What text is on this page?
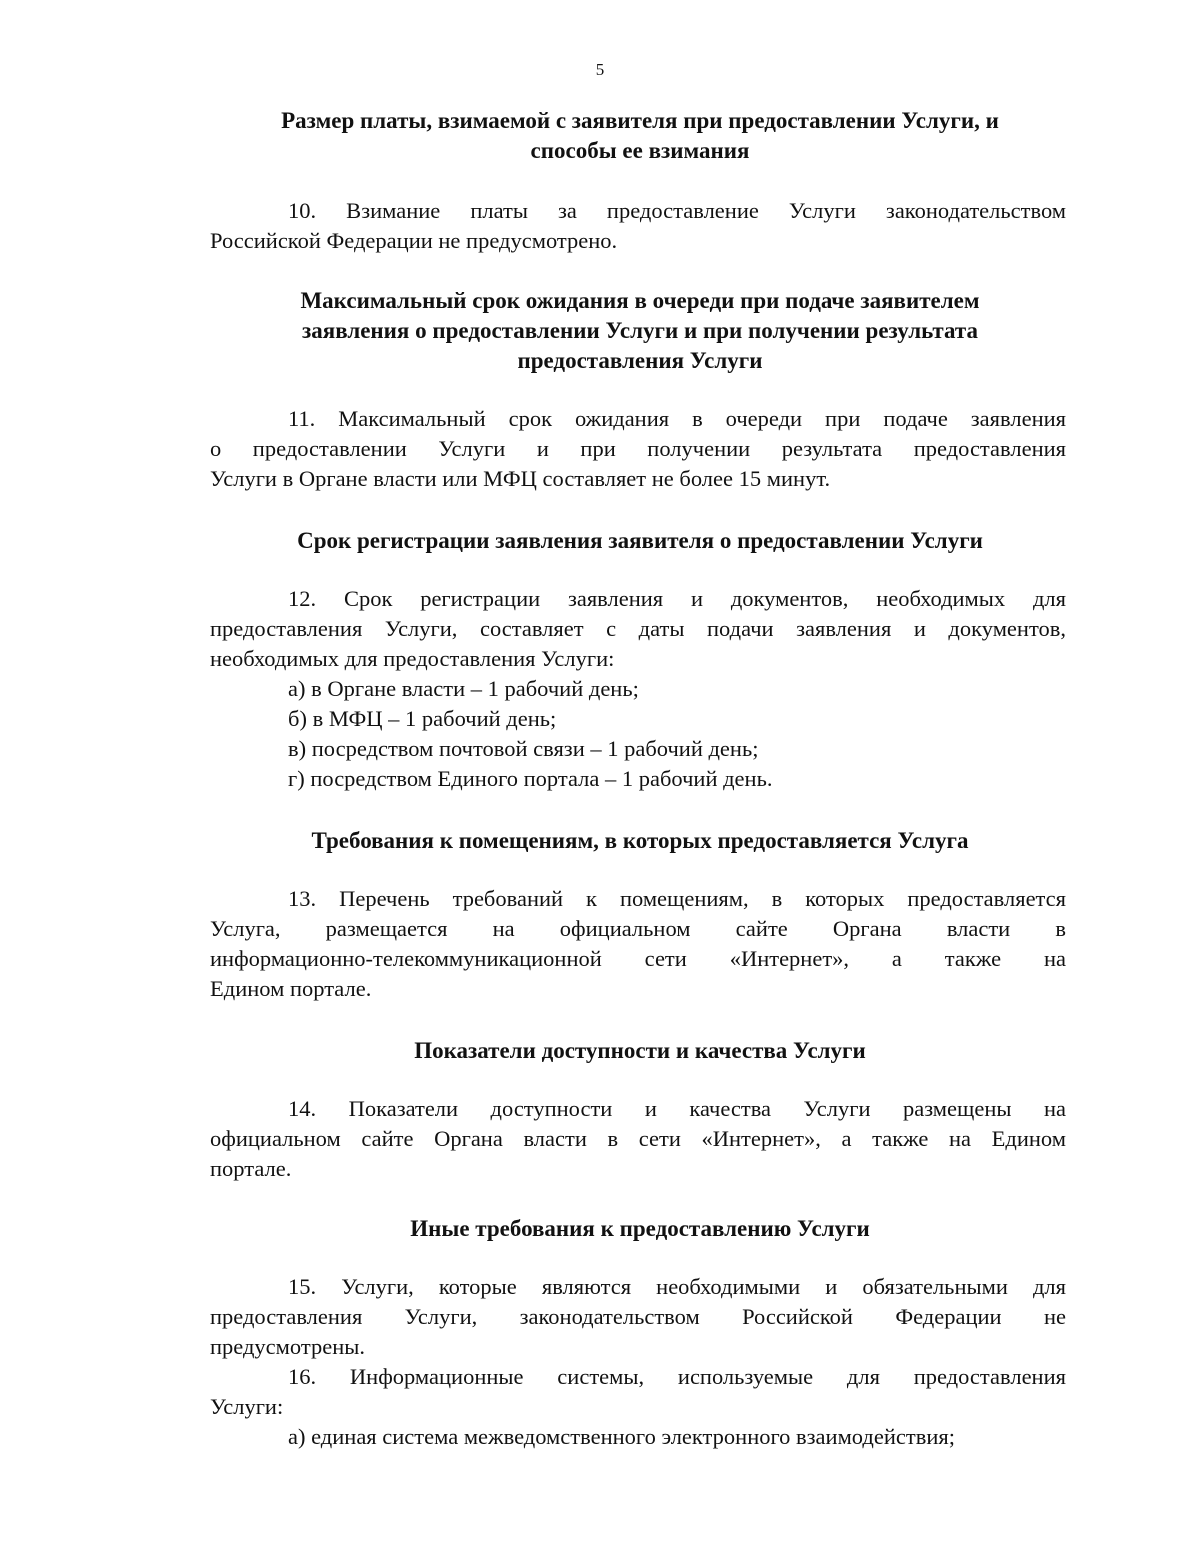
5
Размер платы, взимаемой с заявителя при предоставлении Услуги, и
способы ее взимания
10. Взимание платы за предоставление Услуги законодательством
Российской Федерации не предусмотрено.
Максимальный срок ожидания в очереди при подаче заявителем
заявления о предоставлении Услуги и при получении результата
предоставления Услуги
11. Максимальный срок ожидания в очереди при подаче заявления
о предоставлении Услуги и при получении результата предоставления
Услуги в Органе власти или МФЦ составляет не более 15 минут.
Срок регистрации заявления заявителя о предоставлении Услуги
12. Срок регистрации заявления и документов, необходимых для
предоставления Услуги, составляет с даты подачи заявления и документов,
необходимых для предоставления Услуги:
а) в Органе власти – 1 рабочий день;
б) в МФЦ – 1 рабочий день;
в) посредством почтовой связи – 1 рабочий день;
г) посредством Единого портала – 1 рабочий день.
Требования к помещениям, в которых предоставляется Услуга
13. Перечень требований к помещениям, в которых предоставляется
Услуга, размещается на официальном сайте Органа власти в
информационно-телекоммуникационной сети «Интернет», а также на
Едином портале.
Показатели доступности и качества Услуги
14. Показатели доступности и качества Услуги размещены на
официальном сайте Органа власти в сети «Интернет», а также на Едином
портале.
Иные требования к предоставлению Услуги
15. Услуги, которые являются необходимыми и обязательными для
предоставления Услуги, законодательством Российской Федерации не
предусмотрены.
16. Информационные системы, используемые для предоставления
Услуги:
а) единая система межведомственного электронного взаимодействия;
